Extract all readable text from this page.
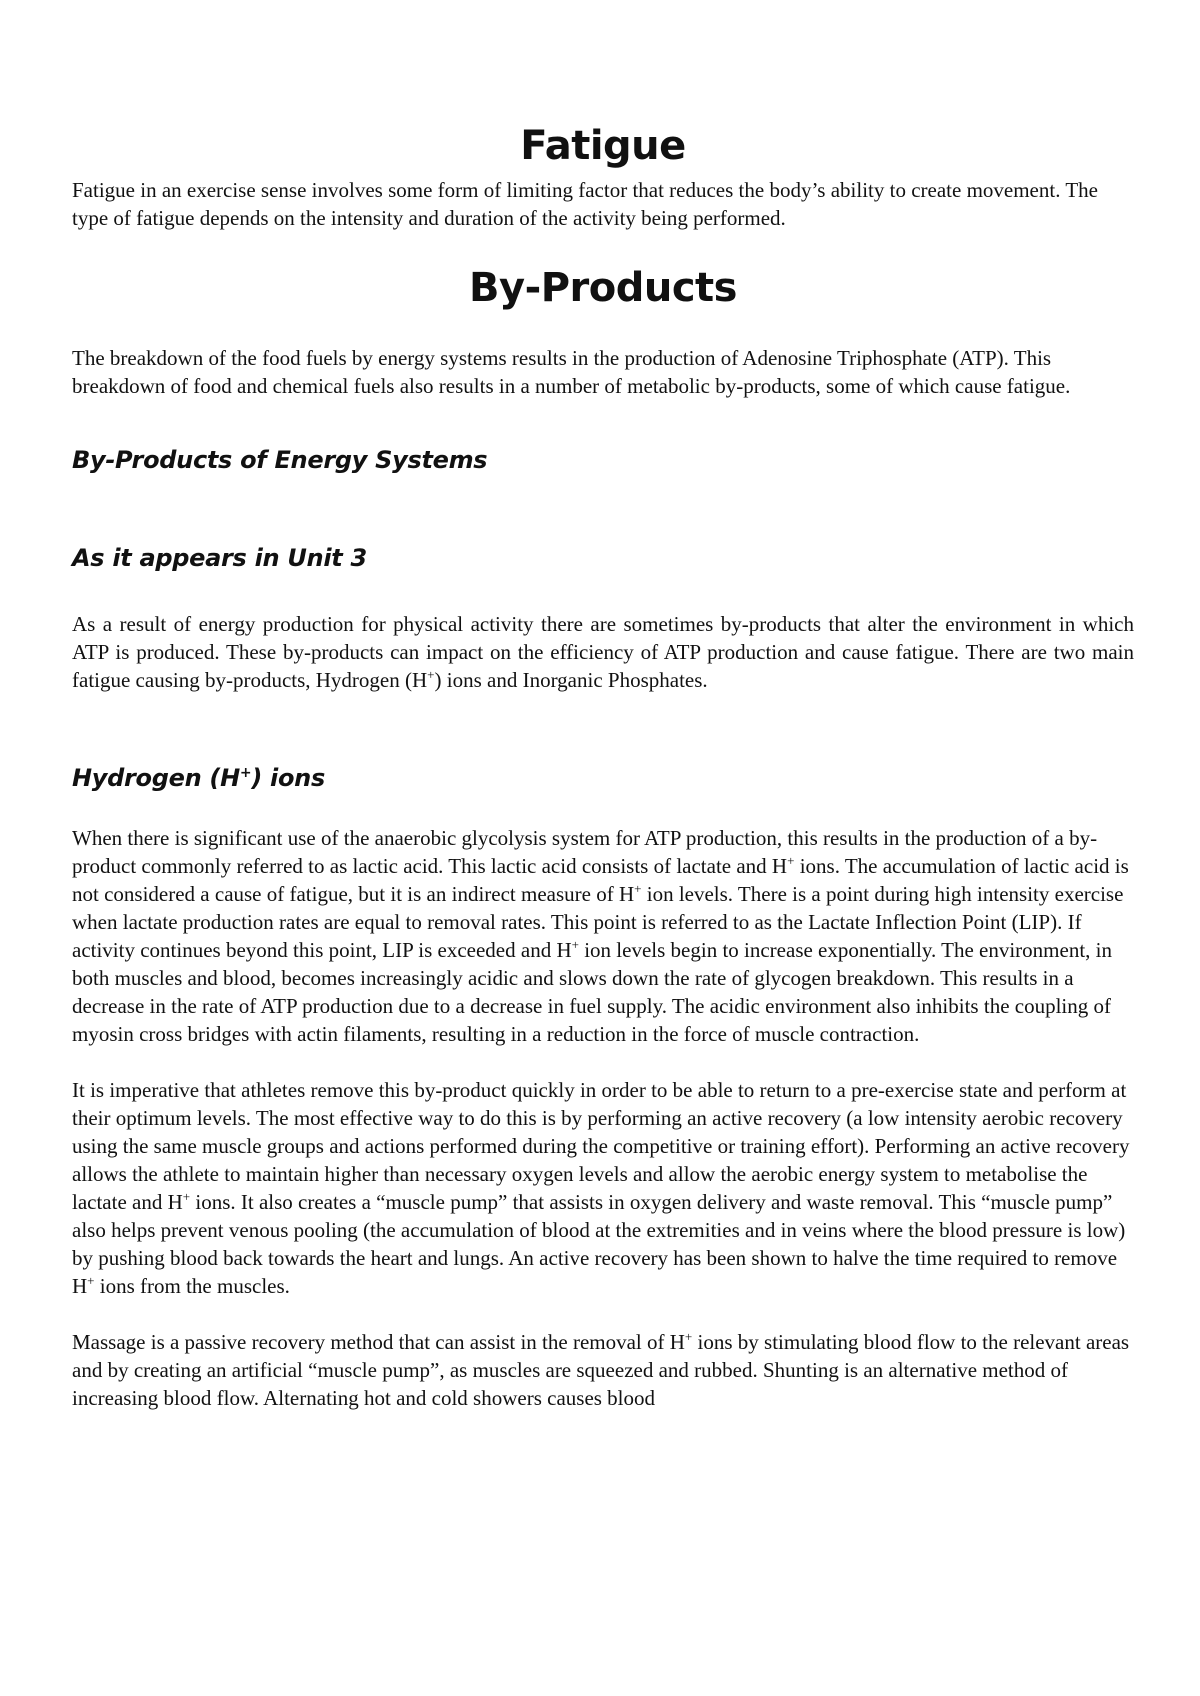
Fatigue

Fatigue in an exercise sense involves some form of limiting factor that reduces the body’s ability to create movement. The type of fatigue depends on the intensity and duration of the activity being performed.

By-Products

The breakdown of the food fuels by energy systems results in the production of Adenosine Triphosphate (ATP). This breakdown of food and chemical fuels also results in a number of metabolic by-products, some of which cause fatigue.

By-Products of Energy Systems
As it appears in Unit 3

As a result of energy production for physical activity there are sometimes by-products that alter the environment in which ATP is produced. These by-products can impact on the efficiency of ATP production and cause fatigue. There are two main fatigue causing by-products, Hydrogen (H+) ions and Inorganic Phosphates.

Hydrogen (H+) ions

When there is significant use of the anaerobic glycolysis system for ATP production, this results in the production of a by-product commonly referred to as lactic acid. This lactic acid consists of lactate and H+ ions. The accumulation of lactic acid is not considered a cause of fatigue, but it is an indirect measure of H+ ion levels. There is a point during high intensity exercise when lactate production rates are equal to removal rates. This point is referred to as the Lactate Inflection Point (LIP). If activity continues beyond this point, LIP is exceeded and H+ ion levels begin to increase exponentially. The environment, in both muscles and blood, becomes increasingly acidic and slows down the rate of glycogen breakdown. This results in a decrease in the rate of ATP production due to a decrease in fuel supply. The acidic environment also inhibits the coupling of myosin cross bridges with actin filaments, resulting in a reduction in the force of muscle contraction.

It is imperative that athletes remove this by-product quickly in order to be able to return to a pre-exercise state and perform at their optimum levels. The most effective way to do this is by performing an active recovery (a low intensity aerobic recovery using the same muscle groups and actions performed during the competitive or training effort). Performing an active recovery allows the athlete to maintain higher than necessary oxygen levels and allow the aerobic energy system to metabolise the lactate and H+ ions. It also creates a “muscle pump” that assists in oxygen delivery and waste removal. This “muscle pump” also helps prevent venous pooling (the accumulation of blood at the extremities and in veins where the blood pressure is low) by pushing blood back towards the heart and lungs. An active recovery has been shown to halve the time required to remove H+ ions from the muscles.

Massage is a passive recovery method that can assist in the removal of H+ ions by stimulating blood flow to the relevant areas and by creating an artificial “muscle pump”, as muscles are squeezed and rubbed. Shunting is an alternative method of increasing blood flow. Alternating hot and cold showers causes blood
